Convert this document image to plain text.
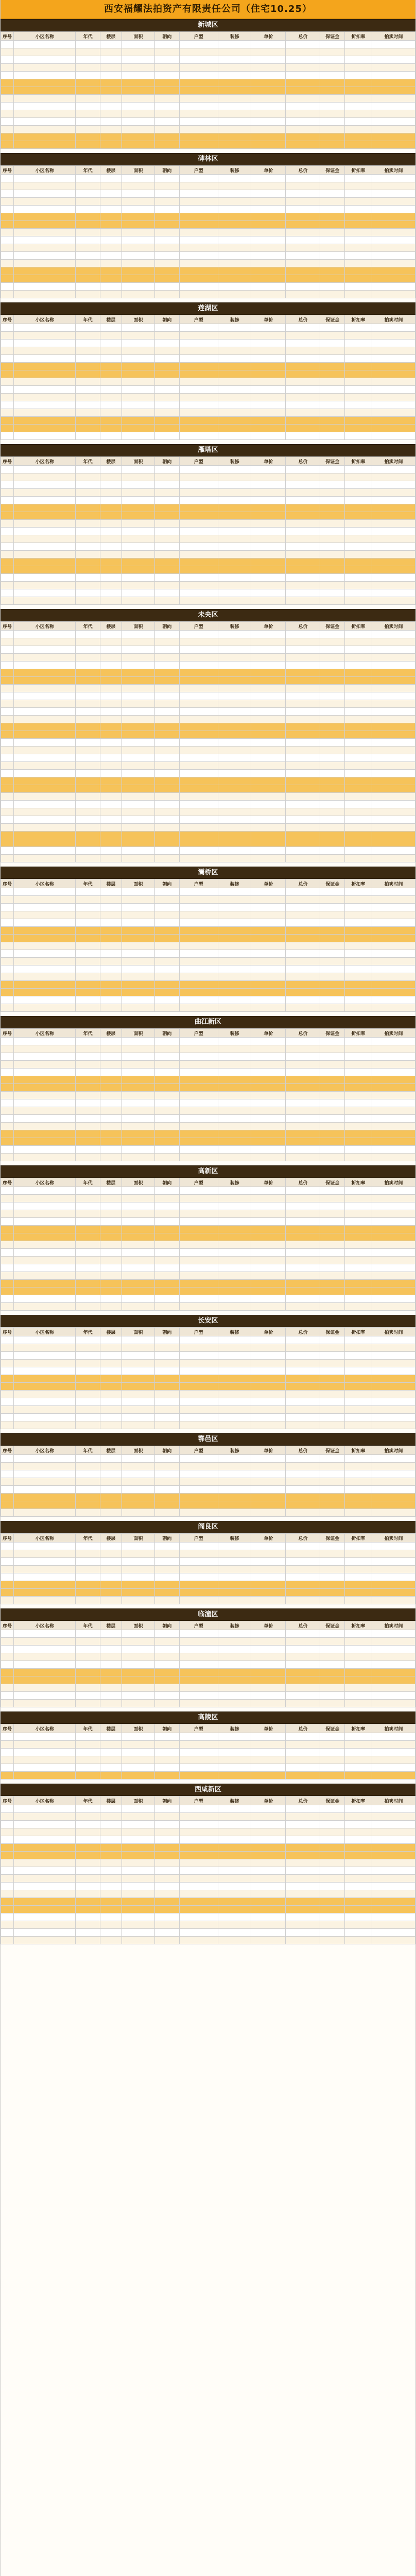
西安福耀法拍资产有限责任公司（住宅10.25）
新城区
序号	小区名称	年代	楼层	面积	朝向	户型	装修	单价	总价	保证金	折扣率	拍卖时间

碑林区
序号	小区名称	年代	楼层	面积	朝向	户型	装修	单价	总价	保证金	折扣率	拍卖时间

莲湖区
序号	小区名称	年代	楼层	面积	朝向	户型	装修	单价	总价	保证金	折扣率	拍卖时间

雁塔区
序号	小区名称	年代	楼层	面积	朝向	户型	装修	单价	总价	保证金	折扣率	拍卖时间

未央区
序号	小区名称	年代	楼层	面积	朝向	户型	装修	单价	总价	保证金	折扣率	拍卖时间

灞桥区
序号	小区名称	年代	楼层	面积	朝向	户型	装修	单价	总价	保证金	折扣率	拍卖时间

曲江新区
序号	小区名称	年代	楼层	面积	朝向	户型	装修	单价	总价	保证金	折扣率	拍卖时间

高新区
序号	小区名称	年代	楼层	面积	朝向	户型	装修	单价	总价	保证金	折扣率	拍卖时间

长安区
序号	小区名称	年代	楼层	面积	朝向	户型	装修	单价	总价	保证金	折扣率	拍卖时间

鄠邑区
序号	小区名称	年代	楼层	面积	朝向	户型	装修	单价	总价	保证金	折扣率	拍卖时间

阎良区
序号	小区名称	年代	楼层	面积	朝向	户型	装修	单价	总价	保证金	折扣率	拍卖时间

临潼区
序号	小区名称	年代	楼层	面积	朝向	户型	装修	单价	总价	保证金	折扣率	拍卖时间

高陵区
序号	小区名称	年代	楼层	面积	朝向	户型	装修	单价	总价	保证金	折扣率	拍卖时间

西咸新区
序号	小区名称	年代	楼层	面积	朝向	户型	装修	单价	总价	保证金	折扣率	拍卖时间
